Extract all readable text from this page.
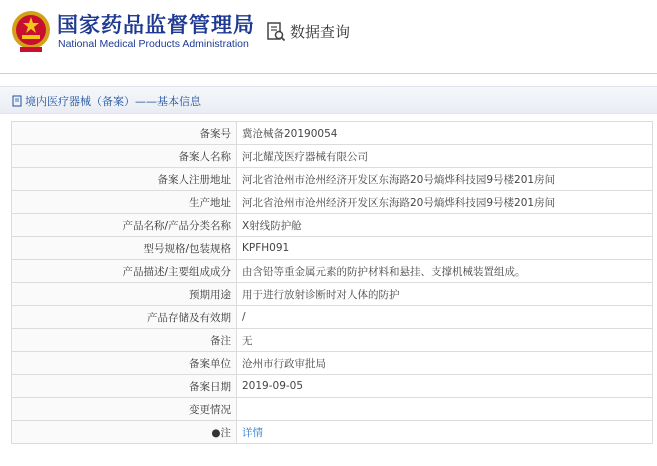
国家药品监督管理局
National Medical Products Administration
数据查询
境内医疗器械（备案）——基本信息
备案号	冀沧械备20190054
备案人名称	河北耀茂医疗器械有限公司
备案人注册地址	河北省沧州市沧州经济开发区东海路20号熵烨科技园9号楼201房间
生产地址	河北省沧州市沧州经济开发区东海路20号熵烨科技园9号楼201房间
产品名称/产品分类名称	X射线防护舱
型号规格/包装规格	KPFH091
产品描述/主要组成成分	由含铅等重金属元素的防护材料和悬挂、支撑机械装置组成。
预期用途	用于进行放射诊断时对人体的防护
产品存储及有效期	/
备注	无
备案单位	沧州市行政审批局
备案日期	2019-09-05
变更情况	
●注	详情
